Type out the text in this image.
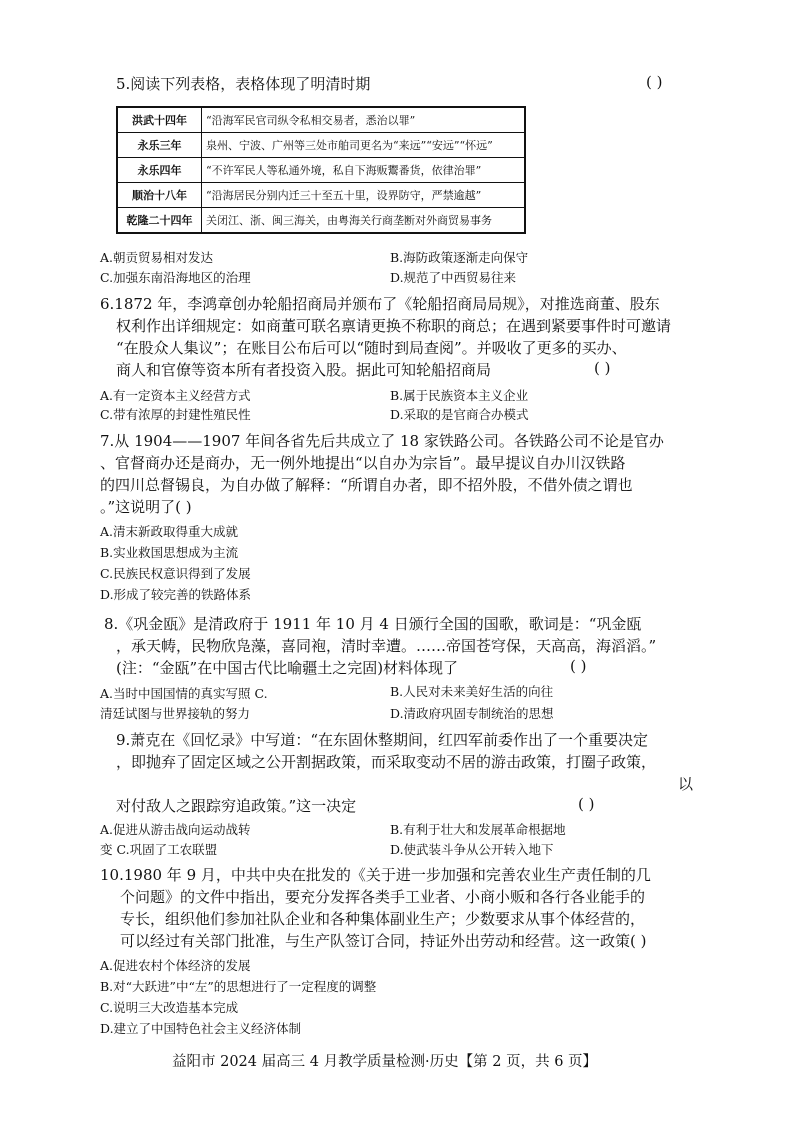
5.阅读下列表格，表格体现了明清时期	( )
洪武十四年	“沿海军民官司纵令私相交易者，悉治以罪”
永乐三年	泉州、宁波、广州等三处市舶司更名为“来远”“安远”“怀远”
永乐四年	“不许军民人等私通外境，私自下海贩鬻番货，依律治罪”
顺治十八年	“沿海居民分别内迁三十至五十里，设界防守，严禁逾越”
乾隆二十四年	关闭江、浙、闽三海关，由粤海关行商垄断对外商贸易事务
A.朝贡贸易相对发达	B.海防政策逐渐走向保守
C.加强东南沿海地区的治理	D.规范了中西贸易往来
6.1872 年，李鸿章创办轮船招商局并颁布了《轮船招商局局规》，对推选商董、股东
权利作出详细规定：如商董可联名禀请更换不称职的商总；在遇到紧要事件时可邀请
“在股众人集议”；在账目公布后可以“随时到局查阅”。并吸收了更多的买办、
商人和官僚等资本所有者投资入股。据此可知轮船招商局	( )
A.有一定资本主义经营方式	B.属于民族资本主义企业
C.带有浓厚的封建性殖民性	D.采取的是官商合办模式
7.从 1904——1907 年间各省先后共成立了 18 家铁路公司。各铁路公司不论是官办
、官督商办还是商办，无一例外地提出“以自办为宗旨”。最早提议自办川汉铁路
的四川总督锡良，为自办做了解释：“所谓自办者，即不招外股，不借外债之谓也
。”这说明了( )
A.清末新政取得重大成就
B.实业救国思想成为主流
C.民族民权意识得到了发展
D.形成了较完善的铁路体系
8.《巩金瓯》是清政府于 1911 年 10 月 4 日颁行全国的国歌，歌词是：“巩金瓯
，承天帱，民物欣凫藻，喜同袍，清时幸遭。……帝国苍穹保，天高高，海滔滔。”
(注：“金瓯”在中国古代比喻疆土之完固)材料体现了	( )
A.当时中国国情的真实写照 C.	B.人民对未来美好生活的向往
清廷试图与世界接轨的努力	D.清政府巩固专制统治的思想
9.萧克在《回忆录》中写道：“在东固休整期间，红四军前委作出了一个重要决定
，即抛弃了固定区域之公开割据政策，而采取变动不居的游击政策，打圈子政策，
以
对付敌人之跟踪穷追政策。”这一决定	( )
A.促进从游击战向运动战转	B.有利于壮大和发展革命根据地
变 C.巩固了工农联盟	D.使武装斗争从公开转入地下
10.1980 年 9 月，中共中央在批发的《关于进一步加强和完善农业生产责任制的几
个问题》的文件中指出，要充分发挥各类手工业者、小商小贩和各行各业能手的
专长，组织他们参加社队企业和各种集体副业生产；少数要求从事个体经营的，
可以经过有关部门批准，与生产队签订合同，持证外出劳动和经营。这一政策( )
A.促进农村个体经济的发展
B.对“大跃进”中“左”的思想进行了一定程度的调整
C.说明三大改造基本完成
D.建立了中国特色社会主义经济体制
益阳市 2024 届高三 4 月教学质量检测·历史【第 2 页，共 6 页】
